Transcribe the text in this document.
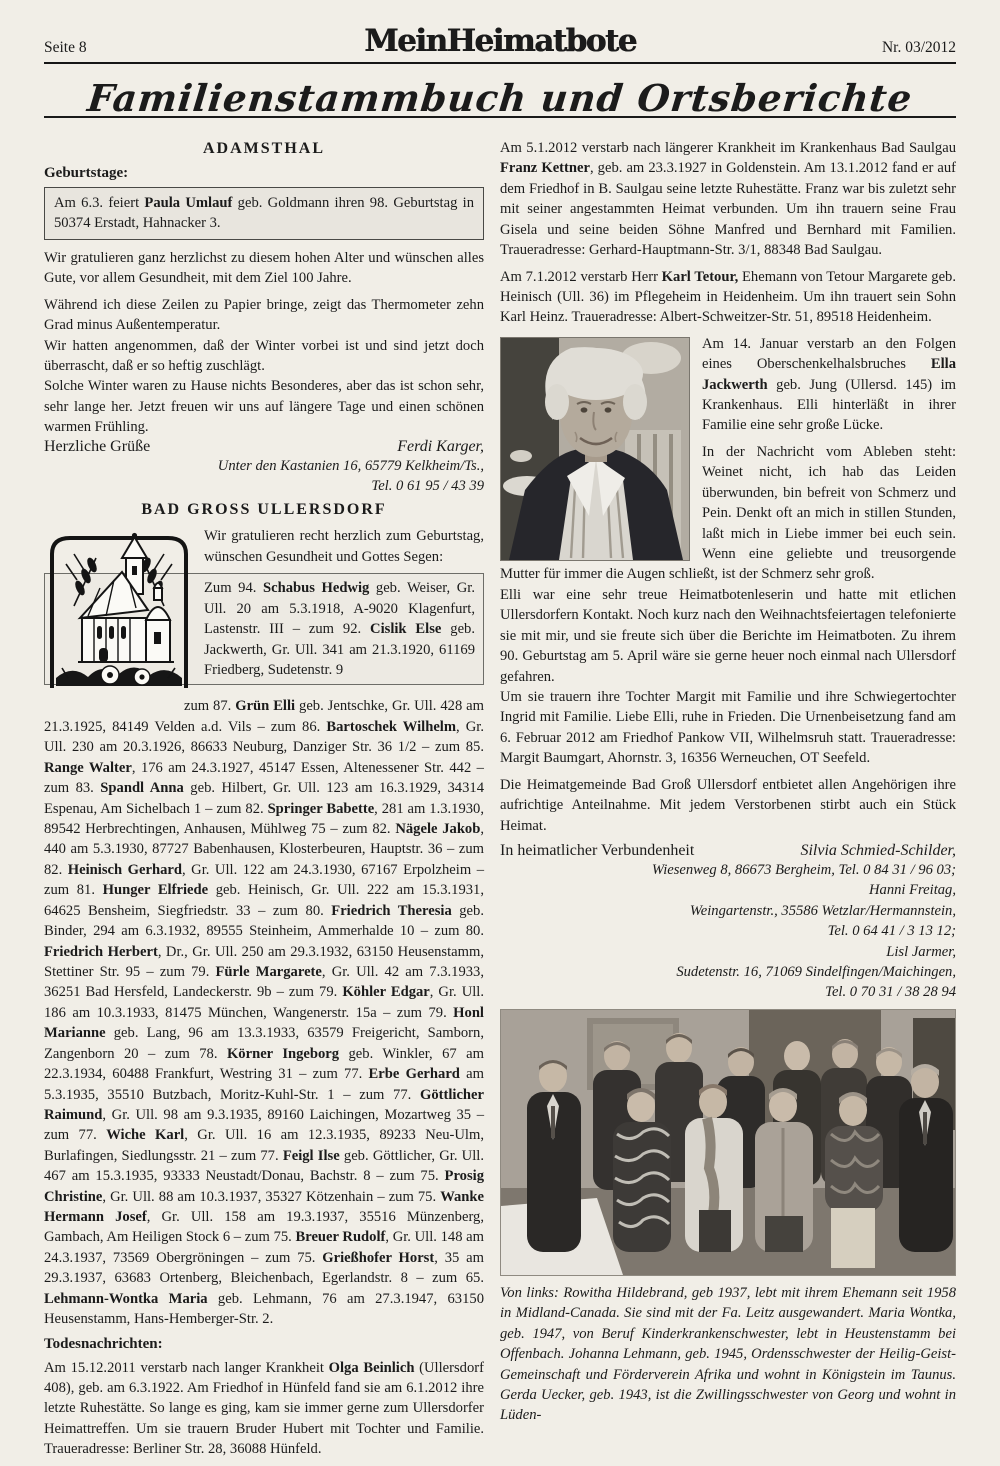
Seite 8	MeinHeimatbote	Nr. 03/2012
Familienstammbuch und Ortsberichte
ADAMSTHAL
Geburtstage:

Am 6.3. feiert Paula Umlauf geb. Goldmann ihren 98. Geburtstag in 50374 Erstadt, Hahnacker 3.

Wir gratulieren ganz herzlichst zu diesem hohen Alter und wünschen alles Gute, vor allem Gesundheit, mit dem Ziel 100 Jahre.

Während ich diese Zeilen zu Papier bringe, zeigt das Thermometer zehn Grad minus Außentemperatur.

Wir hatten angenommen, daß der Winter vorbei ist und sind jetzt doch überrascht, daß er so heftig zuschlägt.

Solche Winter waren zu Hause nichts Besonderes, aber das ist schon sehr, sehr lange her. Jetzt freuen wir uns auf längere Tage und einen schönen warmen Frühling.

Herzliche Grüße	Ferdi Karger,
Unter den Kastanien 16, 65779 Kelkheim/Ts.,
Tel. 0 61 95 / 43 39
BAD GROSS ULLERSDORF

Wir gratulieren recht herzlich zum Geburtstag, wünschen Gesundheit und Gottes Segen:

Zum 94. Schabus Hedwig geb. Weiser, Gr. Ull. 20 am 5.3.1918, A-9020 Klagenfurt, Lastenstr. III – zum 92. Cislik Else geb. Jackwerth, Gr. Ull. 341 am 21.3.1920, 61169 Friedberg, Sudetenstr. 9

zum 87. Grün Elli geb. Jentschke, Gr. Ull. 428 am 21.3.1925, 84149 Velden a.d. Vils – zum 86. Bartoschek Wilhelm, Gr. Ull. 230 am 20.3.1926, 86633 Neuburg, Danziger Str. 36 1/2 – zum 85. Range Walter, 176 am 24.3.1927, 45147 Essen, Altenessener Str. 442 – zum 83. Spandl Anna geb. Hilbert, Gr. Ull. 123 am 16.3.1929, 34314 Espenau, Am Sichelbach 1 – zum 82. Springer Babette, 281 am 1.3.1930, 89542 Herbrechtingen, Anhausen, Mühlweg 75 – zum 82. Nägele Jakob, 440 am 5.3.1930, 87727 Babenhausen, Klosterbeuren, Hauptstr. 36 – zum 82. Heinisch Gerhard, Gr. Ull. 122 am 24.3.1930, 67167 Erpolzheim – zum 81. Hunger Elfriede geb. Heinisch, Gr. Ull. 222 am 15.3.1931, 64625 Bensheim, Siegfriedstr. 33 – zum 80. Friedrich Theresia geb. Binder, 294 am 6.3.1932, 89555 Steinheim, Ammerhalde 10 – zum 80. Friedrich Herbert, Dr., Gr. Ull. 250 am 29.3.1932, 63150 Heusenstamm, Stettiner Str. 95 – zum 79. Fürle Margarete, Gr. Ull. 42 am 7.3.1933, 36251 Bad Hersfeld, Landeckerstr. 9b – zum 79. Köhler Edgar, Gr. Ull. 186 am 10.3.1933, 81475 München, Wangenerstr. 15a – zum 79. Honl Marianne geb. Lang, 96 am 13.3.1933, 63579 Freigericht, Samborn, Zangenborn 20 – zum 78. Körner Ingeborg geb. Winkler, 67 am 22.3.1934, 60488 Frankfurt, Westring 31 – zum 77. Erbe Gerhard am 5.3.1935, 35510 Butzbach, Moritz-Kuhl-Str. 1 – zum 77. Göttlicher Raimund, Gr. Ull. 98 am 9.3.1935, 89160 Laichingen, Mozartweg 35 – zum 77. Wiche Karl, Gr. Ull. 16 am 12.3.1935, 89233 Neu-Ulm, Burlafingen, Siedlungsstr. 21 – zum 77. Feigl Ilse geb. Göttlicher, Gr. Ull. 467 am 15.3.1935, 93333 Neustadt/Donau, Bachstr. 8 – zum 75. Prosig Christine, Gr. Ull. 88 am 10.3.1937, 35327 Kötzenhain – zum 75. Wanke Hermann Josef, Gr. Ull. 158 am 19.3.1937, 35516 Münzenberg, Gambach, Am Heiligen Stock 6 – zum 75. Breuer Rudolf, Gr. Ull. 148 am 24.3.1937, 73569 Obergröningen – zum 75. Grießhofer Horst, 35 am 29.3.1937, 63683 Ortenberg, Bleichenbach, Egerlandstr. 8 – zum 65. Lehmann-Wontka Maria geb. Lehmann, 76 am 27.3.1947, 63150 Heusenstamm, Hans-Hemberger-Str. 2.

Todesnachrichten:

Am 15.12.2011 verstarb nach langer Krankheit Olga Beinlich (Ullersdorf 408), geb. am 6.3.1922. Am Friedhof in Hünfeld fand sie am 6.1.2012 ihre letzte Ruhestätte. So lange es ging, kam sie immer gerne zum Ullersdorfer Heimattreffen. Um sie trauern Bruder Hubert mit Tochter und Familie. Traueradresse: Berliner Str. 28, 36088 Hünfeld.

Am 5.1.2012 verstarb nach längerer Krankheit im Krankenhaus Bad Saulgau Franz Kettner, geb. am 23.3.1927 in Goldenstein. Am 13.1.2012 fand er auf dem Friedhof in B. Saulgau seine letzte Ruhestätte. Franz war bis zuletzt sehr mit seiner angestammten Heimat verbunden. Um ihn trauern seine Frau Gisela und seine beiden Söhne Manfred und Bernhard mit Familien. Traueradresse: Gerhard-Hauptmann-Str. 3/1, 88348 Bad Saulgau.

Am 7.1.2012 verstarb Herr Karl Tetour, Ehemann von Tetour Margarete geb. Heinisch (Ull. 36) im Pflegeheim in Heidenheim. Um ihn trauert sein Sohn Karl Heinz. Traueradresse: Albert-Schweitzer-Str. 51, 89518 Heidenheim.

Am 14. Januar verstarb an den Folgen eines Oberschenkelhalsbruches Ella Jackwerth geb. Jung (Ullersd. 145) im Krankenhaus. Elli hinterläßt in ihrer Familie eine sehr große Lücke.

In der Nachricht vom Ableben steht: Weinet nicht, ich hab das Leiden überwunden, bin befreit von Schmerz und Pein. Denkt oft an mich in stillen Stunden, laßt mich in Liebe immer bei euch sein. Wenn eine geliebte und treusorgende Mutter für immer die Augen schließt, ist der Schmerz sehr groß.

Elli war eine sehr treue Heimatbotenleserin und hatte mit etlichen Ullersdorfern Kontakt. Noch kurz nach den Weihnachtsfeiertagen telefonierte sie mit mir, und sie freute sich über die Berichte im Heimatboten. Zu ihrem 90. Geburtstag am 5. April wäre sie gerne heuer noch einmal nach Ullersdorf gefahren.

Um sie trauern ihre Tochter Margit mit Familie und ihre Schwiegertochter Ingrid mit Familie. Liebe Elli, ruhe in Frieden. Die Urnenbeisetzung fand am 6. Februar 2012 am Friedhof Pankow VII, Wilhelmsruh statt. Traueradresse: Margit Baumgart, Ahornstr. 3, 16356 Werneuchen, OT Seefeld.

Die Heimatgemeinde Bad Groß Ullersdorf entbietet allen Angehörigen ihre aufrichtige Anteilnahme. Mit jedem Verstorbenen stirbt auch ein Stück Heimat.

In heimatlicher Verbundenheit	Silvia Schmied-Schilder,
Wiesenweg 8, 86673 Bergheim, Tel. 0 84 31 / 96 03;
Hanni Freitag,
Weingartenstr., 35586 Wetzlar/Hermannstein,
Tel. 0 64 41 / 3 13 12;
Lisl Jarmer,
Sudetenstr. 16, 71069 Sindelfingen/Maichingen,
Tel. 0 70 31 / 38 28 94

Von links: Rowitha Hildebrand, geb 1937, lebt mit ihrem Ehemann seit 1958 in Midland-Canada. Sie sind mit der Fa. Leitz ausgewandert. Maria Wontka, geb. 1947, von Beruf Kinderkrankenschwester, lebt in Heustenstamm bei Offenbach. Johanna Lehmann, geb. 1945, Ordensschwester der Heilig-Geist-Gemeinschaft und Förderverein Afrika und wohnt in Königstein im Taunus. Gerda Uecker, geb. 1943, ist die Zwillingsschwester von Georg und wohnt in Lüden-
